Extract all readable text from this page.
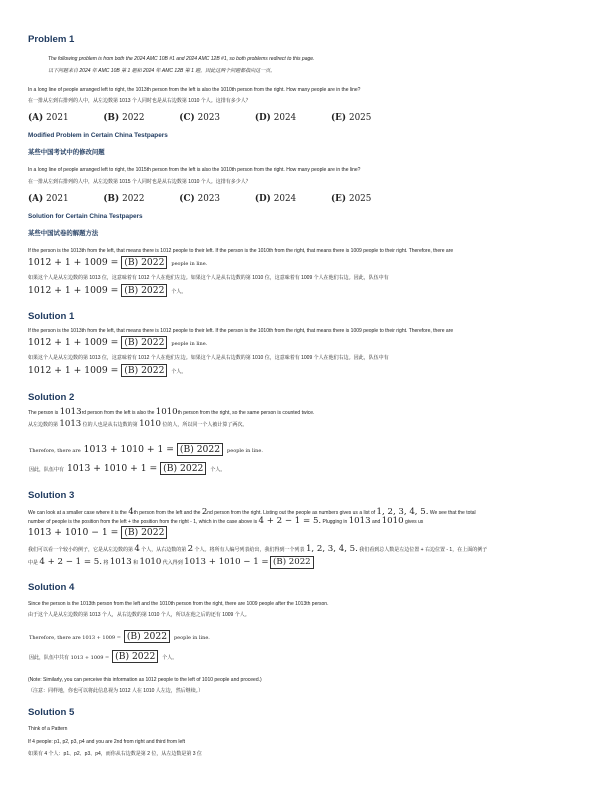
Problem 1
The following problem is from both the 2024 AMC 10B #1 and 2024 AMC 12B #1, so both problems redirect to this page.
以下问题来自 2024 年 AMC 10B 第 1 题和 2024 年 AMC 12B 第 1 题，因此这两个问题都指向这一页。
In a long line of people arranged left to right, the 1013th person from the left is also the 1010th person from the right. How many people are in the line?
在一排从左到右排列的人中，从左边数第 1013 个人同时也是从右边数第 1010 个人。这排有多少人？
(A) 2021	(B) 2022	(C) 2023	(D) 2024	(E) 2025
Modified Problem in Certain China Testpapers
某些中国考试中的修改问题
In a long line of people arranged left to right, the 1015th person from the left is also the 1010th person from the right. How many people are in the line?
在一排从左到右排列的人中，从左边数第 1015 个人同时也是从右边数第 1010 个人。这排有多少人？
(A) 2021	(B) 2022	(C) 2023	(D) 2024	(E) 2025
Solution for Certain China Testpapers
某些中国试卷的解题方法
If the person is the 1013th from the left, that means there is 1012 people to their left. If the person is the 1010th from the right, that means there is 1009 people to their right. Therefore, there are
1012 + 1 + 1009 = (B) 2022 people in line.
如果这个人是从左边数的第 1013 位，这意味着有 1012 个人在他们左边。如果这个人是从右边数的第 1010 位，这意味着有 1009 个人在他们右边。因此，队伍中有
1012 + 1 + 1009 = (B) 2022 个人。
Solution 1
If the person is the 1013th from the left, that means there is 1012 people to their left. If the person is the 1010th from the right, that means there is 1009 people to their right. Therefore, there are
1012 + 1 + 1009 = (B) 2022 people in line.
如果这个人是从左边数的第 1013 位，这意味着有 1012 个人在他们左边。如果这个人是从右边数的第 1010 位，这意味着有 1009 个人在他们右边。因此，队伍中有
1012 + 1 + 1009 = (B) 2022 个人。
Solution 2
The person is 1013rd person from the left is also the 1010th person from the right, so the same person is counted twice.
从左边数的第 1013 位的人也是从右边数的第 1010 位的人，所以同一个人被计算了两次。
Therefore, there are 1013 + 1010 + 1 = (B) 2022 people in line.
因此，队伍中有 1013 + 1010 + 1 = (B) 2022 个人。
Solution 3
We can look at a smaller case where it is the 4th person from the left and the 2nd person from the right. Listing out the people as numbers gives us a list of 1, 2, 3, 4, 5. We see that the total
number of people is the position from the left + the position from the right - 1, which in the case above is 4 + 2 − 1 = 5. Plugging in 1013 and 1010 gives us
1013 + 1010 − 1 = (B) 2022
我们可以看一个较小的例子，它是从左边数的第 4 个人，从右边数的第 2 个人。将所有人编号列表给出，我们得到一个列表 1, 2, 3, 4, 5. 我们看到总人数是左边位置 + 右边位置 - 1，在上面的例子
中是 4 + 2 − 1 = 5. 将 1013 和 1010 代入得到 1013 + 1010 − 1 = (B) 2022
Solution 4
Since the person is the 1013th person from the left and the 1010th person from the right, there are 1009 people after the 1013th person.
由于这个人是从左边数的第 1013 个人，从右边数的第 1010 个人，所以在他之后的还有 1009 个人。
Therefore, there are 1013 + 1009 = (B) 2022 people in line.
因此，队伍中共有 1013 + 1009 = (B) 2022 个人。
(Note: Similarly, you can perceive this information as 1012 people to the left of 1010 people and proceed.)
（注意：同样地，你也可以将此信息视为 1012 人在 1010 人左边，然后继续。）
Solution 5
Think of a Pattern
If 4 people: p1, p2, p3, p4 and you are 2nd from right and third from left
如果有 4 个人：p1、p2、p3、p4，而你从右边数是第 2 位，从左边数是第 3 位
